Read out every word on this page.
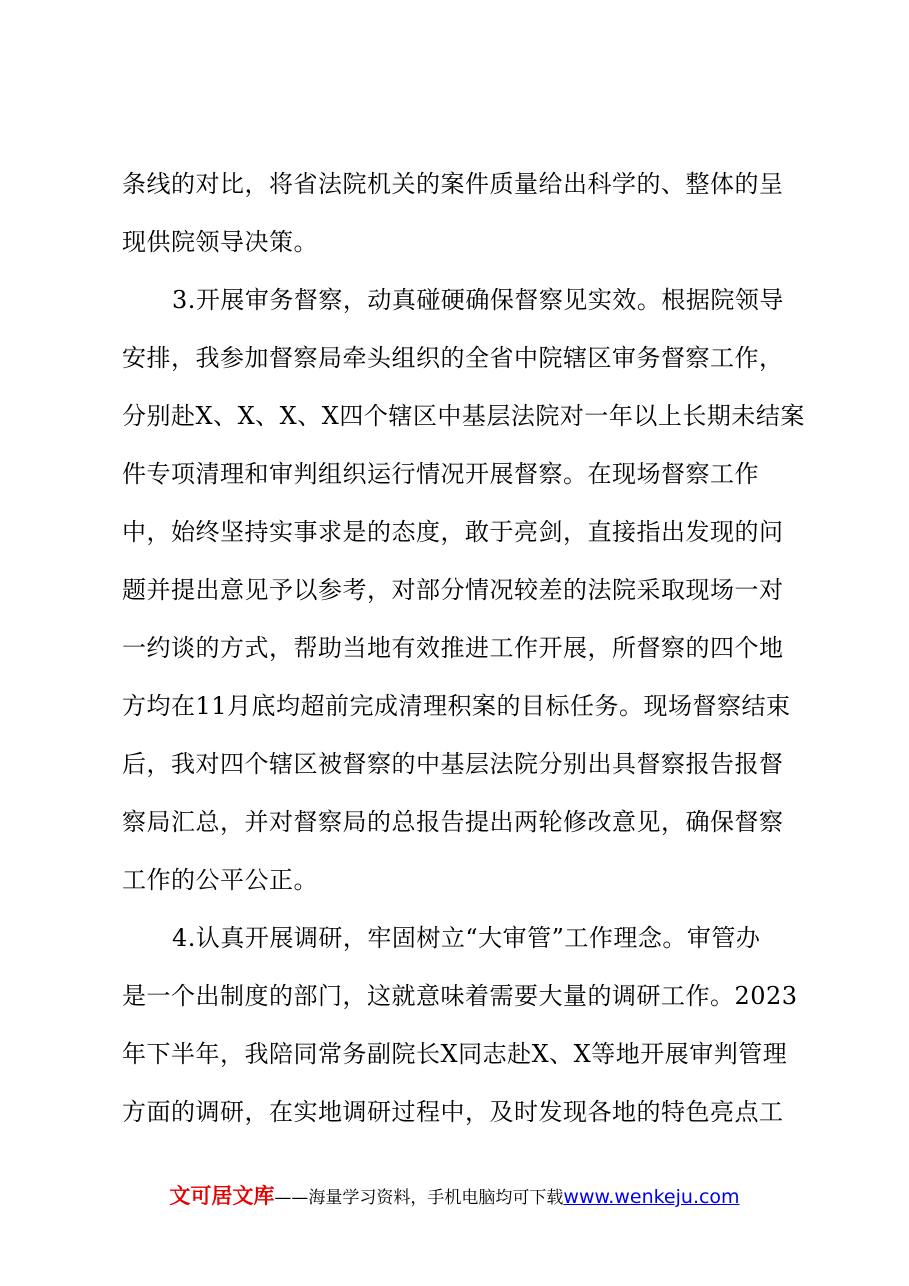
条线的对比，将省法院机关的案件质量给出科学的、整体的呈
现供院领导决策。
3.开展审务督察，动真碰硬确保督察见实效。根据院领导
安排，我参加督察局牵头组织的全省中院辖区审务督察工作，
分别赴X、X、X、X四个辖区中基层法院对一年以上长期未结案
件专项清理和审判组织运行情况开展督察。在现场督察工作
中，始终坚持实事求是的态度，敢于亮剑，直接指出发现的问
题并提出意见予以参考，对部分情况较差的法院采取现场一对
一约谈的方式，帮助当地有效推进工作开展，所督察的四个地
方均在11月底均超前完成清理积案的目标任务。现场督察结束
后，我对四个辖区被督察的中基层法院分别出具督察报告报督
察局汇总，并对督察局的总报告提出两轮修改意见，确保督察
工作的公平公正。
4.认真开展调研，牢固树立“大审管”工作理念。审管办
是一个出制度的部门，这就意味着需要大量的调研工作。2023
年下半年，我陪同常务副院长X同志赴X、X等地开展审判管理
方面的调研，在实地调研过程中，及时发现各地的特色亮点工
文可居文库——海量学习资料，手机电脑均可下载www.wenkeju.com
